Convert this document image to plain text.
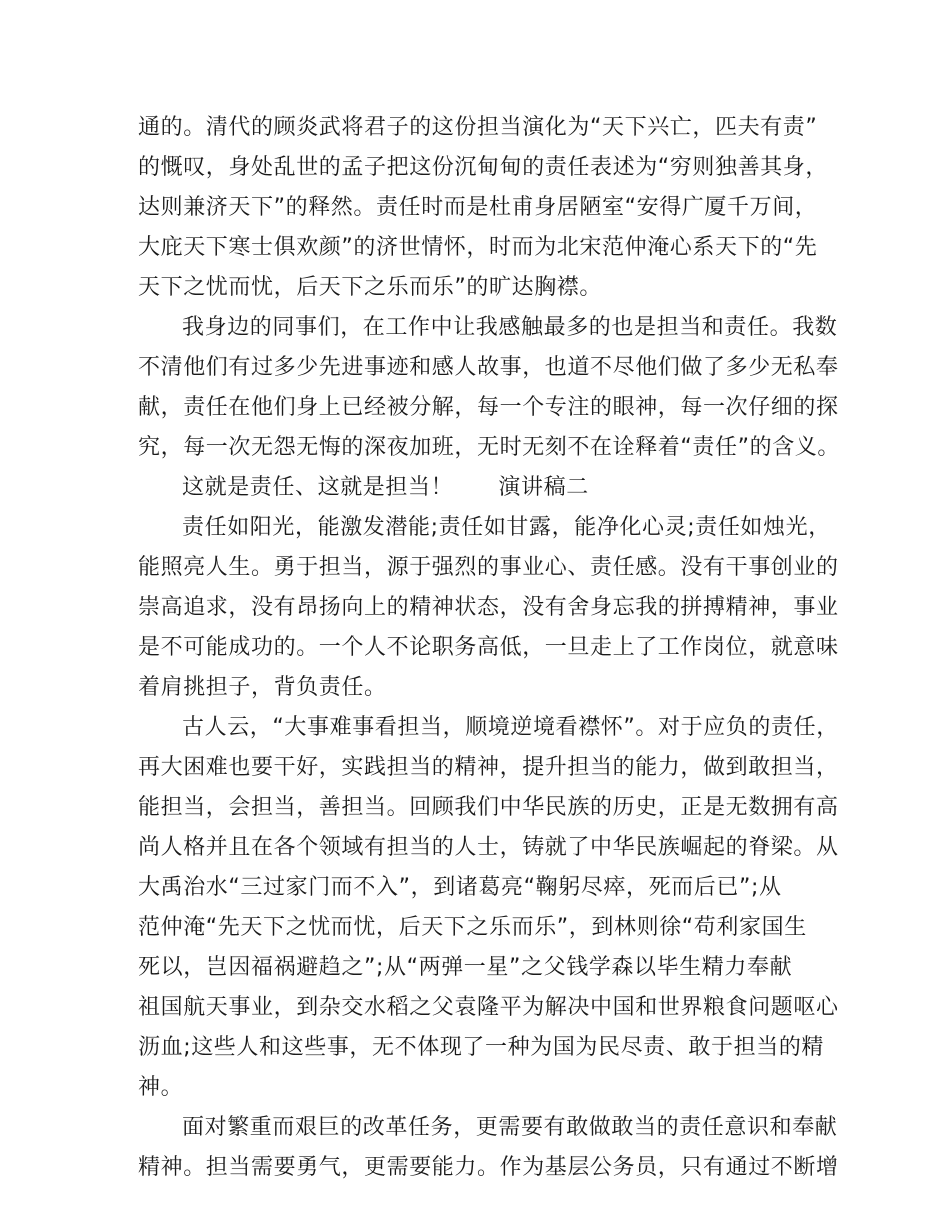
通的。清代的顾炎武将君子的这份担当演化为“天下兴亡，匹夫有责”
的慨叹，身处乱世的孟子把这份沉甸甸的责任表述为“穷则独善其身，
达则兼济天下”的释然。责任时而是杜甫身居陋室“安得广厦千万间，
大庇天下寒士俱欢颜”的济世情怀，时而为北宋范仲淹心系天下的“先
天下之忧而忧，后天下之乐而乐”的旷达胸襟。
我身边的同事们，在工作中让我感触最多的也是担当和责任。我数
不清他们有过多少先进事迹和感人故事，也道不尽他们做了多少无私奉
献，责任在他们身上已经被分解，每一个专注的眼神，每一次仔细的探
究，每一次无怨无悔的深夜加班，无时无刻不在诠释着“责任”的含义。
这就是责任、这就是担当！　　演讲稿二
责任如阳光，能激发潜能;责任如甘露，能净化心灵;责任如烛光，
能照亮人生。勇于担当，源于强烈的事业心、责任感。没有干事创业的
崇高追求，没有昂扬向上的精神状态，没有舍身忘我的拼搏精神，事业
是不可能成功的。一个人不论职务高低，一旦走上了工作岗位，就意味
着肩挑担子，背负责任。
古人云，“大事难事看担当，顺境逆境看襟怀”。对于应负的责任，
再大困难也要干好，实践担当的精神，提升担当的能力，做到敢担当，
能担当，会担当，善担当。回顾我们中华民族的历史，正是无数拥有高
尚人格并且在各个领域有担当的人士，铸就了中华民族崛起的脊梁。从
大禹治水“三过家门而不入”，到诸葛亮“鞠躬尽瘁，死而后已”;从
范仲淹“先天下之忧而忧，后天下之乐而乐”，到林则徐“苟利家国生
死以，岂因福祸避趋之”;从“两弹一星”之父钱学森以毕生精力奉献
祖国航天事业，到杂交水稻之父袁隆平为解决中国和世界粮食问题呕心
沥血;这些人和这些事，无不体现了一种为国为民尽责、敢于担当的精
神。
面对繁重而艰巨的改革任务，更需要有敢做敢当的责任意识和奉献
精神。担当需要勇气，更需要能力。作为基层公务员，只有通过不断增
